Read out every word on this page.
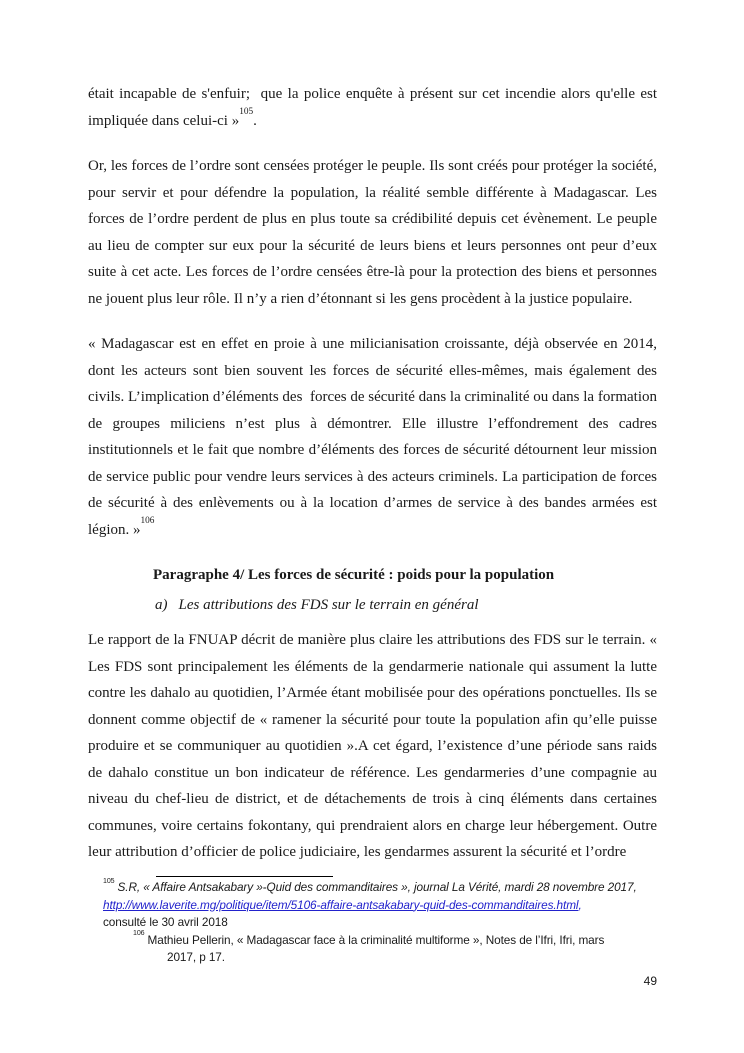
était incapable de s'enfuir;  que la police enquête à présent sur cet incendie alors qu'elle est impliquée dans celui-ci »$^{105}$.

Or, les forces de l’ordre sont censées protéger le peuple. Ils sont créés pour protéger la société, pour servir et pour défendre la population, la réalité semble différente à Madagascar. Les forces de l’ordre perdent de plus en plus toute sa crédibilité depuis cet évènement. Le peuple au lieu de compter sur eux pour la sécurité de leurs biens et leurs personnes ont peur d’eux suite à cet acte. Les forces de l’ordre censées être-là pour la protection des biens et personnes ne jouent plus leur rôle. Il n’y a rien d’étonnant si les gens procèdent à la justice populaire.

« Madagascar est en effet en proie à une milicianisation croissante, déjà observée en 2014, dont les acteurs sont bien souvent les forces de sécurité elles-mêmes, mais également des civils. L’implication d’éléments des  forces de sécurité dans la criminalité ou dans la formation de groupes miliciens n’est plus à démontrer. Elle illustre l’effondrement des cadres institutionnels et le fait que nombre d’éléments des forces de sécurité détournent leur mission de service public pour vendre leurs services à des acteurs criminels. La participation de forces de sécurité à des enlèvements ou à la location d’armes de service à des bandes armées est légion. »$^{106}$

Paragraphe 4/ Les forces de sécurité : poids pour la population
a) Les attributions des FDS sur le terrain en général

Le rapport de la FNUAP décrit de manière plus claire les attributions des FDS sur le terrain. « Les FDS sont principalement les éléments de la gendarmerie nationale qui assument la lutte contre les dahalo au quotidien, l’Armée étant mobilisée pour des opérations ponctuelles. Ils se donnent comme objectif de « ramener la sécurité pour toute la population afin qu’elle puisse produire et se communiquer au quotidien ».A cet égard, l’existence d’une période sans raids de dahalo constitue un bon indicateur de référence. Les gendarmeries d’une compagnie au niveau du chef-lieu de district, et de détachements de trois à cinq éléments dans certaines communes, voire certains fokontany, qui prendraient alors en charge leur hébergement. Outre leur attribution d’officier de police judiciaire, les gendarmes assurent la sécurité et l’ordre

$^{105}$ S.R, « Affaire Antsakabary »-Quid des commanditaires », journal La Vérité, mardi 28 novembre 2017,
http://www.laverite.mg/politique/item/5106-affaire-antsakabary-quid-des-commanditaires.html,
consulté le 30 avril 2018
$^{106}$ Mathieu Pellerin, « Madagascar face à la criminalité multiforme », Notes de l’Ifri, Ifri, mars
2017, p 17.
49
